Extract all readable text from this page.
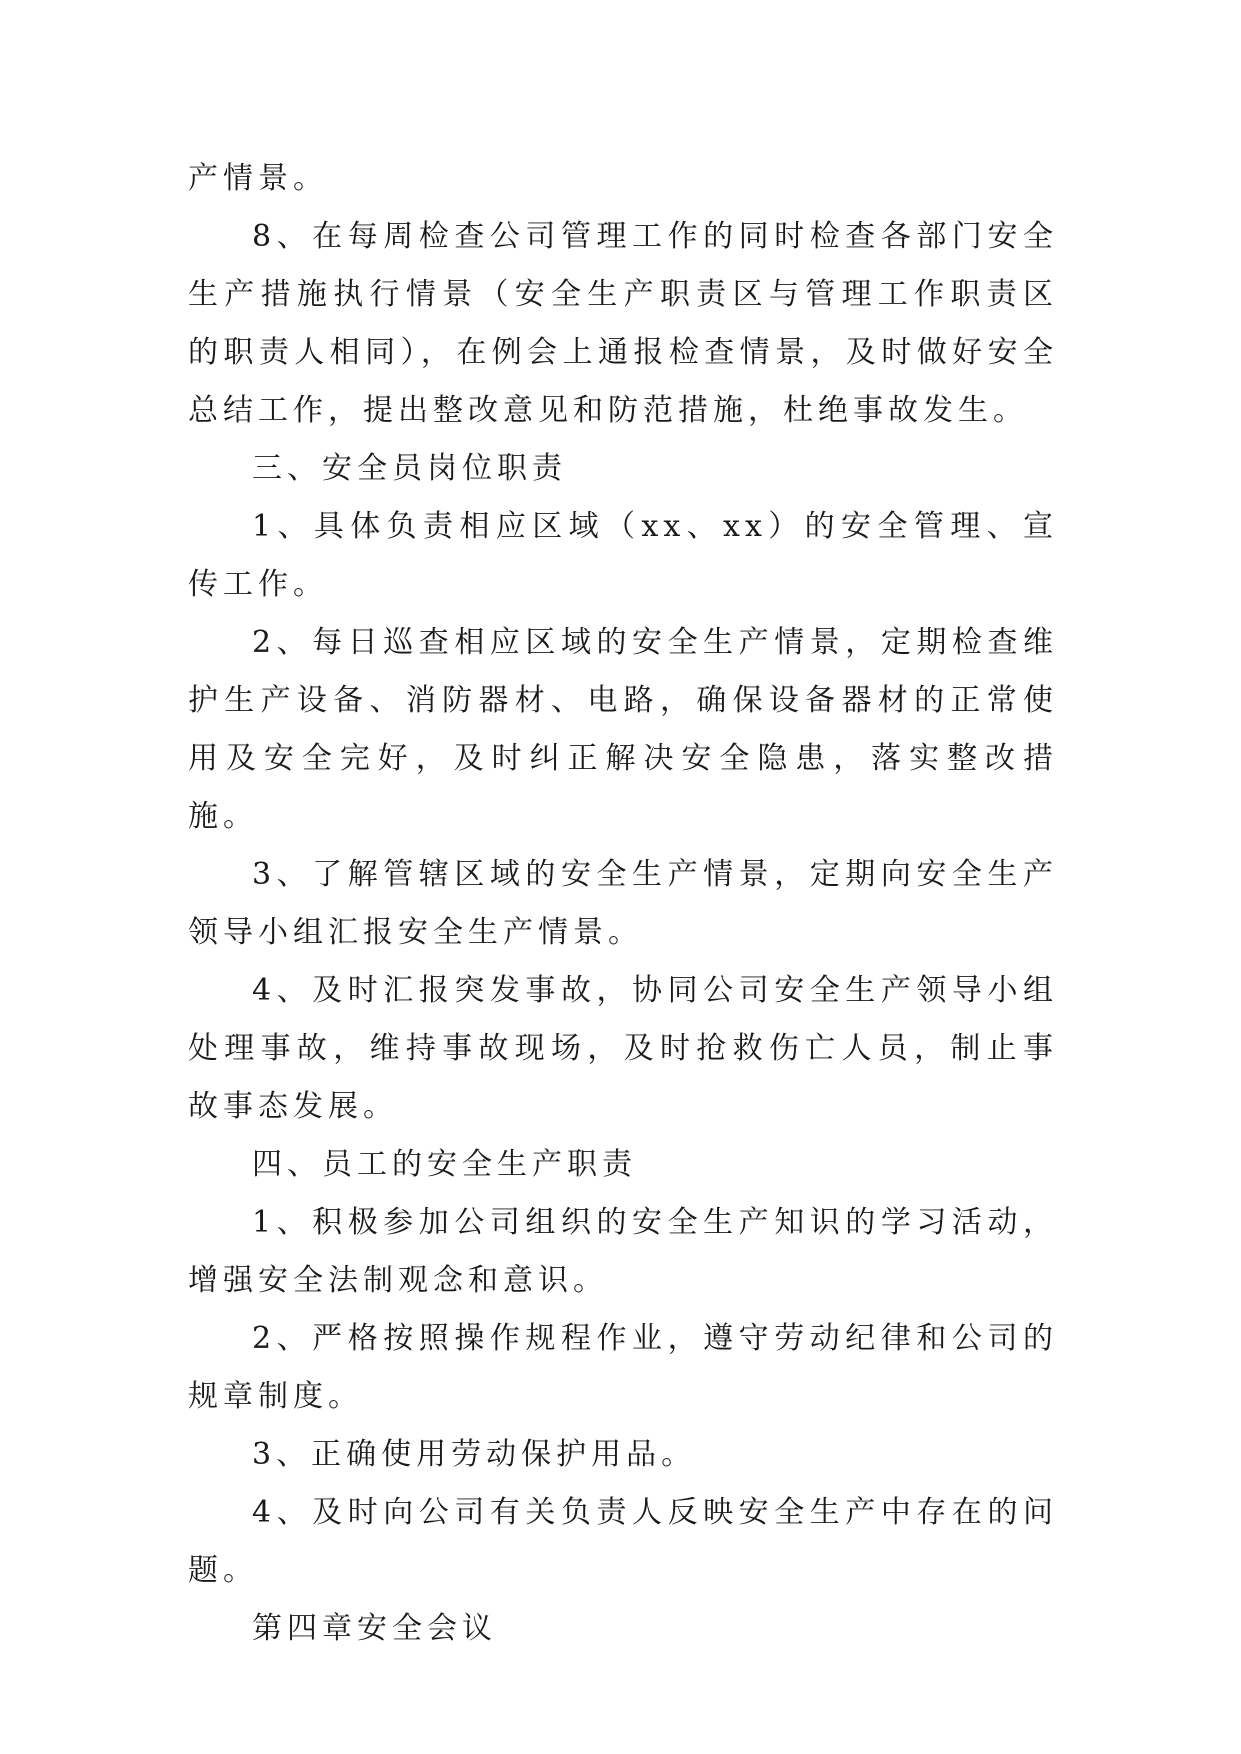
产情景。

8、在每周检查公司管理工作的同时检查各部门安全生产措施执行情景（安全生产职责区与管理工作职责区的职责人相同），在例会上通报检查情景，及时做好安全总结工作，提出整改意见和防范措施，杜绝事故发生。

三、安全员岗位职责

1、具体负责相应区域（xx、xx）的安全管理、宣传工作。

2、每日巡查相应区域的安全生产情景，定期检查维护生产设备、消防器材、电路，确保设备器材的正常使用及安全完好，及时纠正解决安全隐患，落实整改措施。

3、了解管辖区域的安全生产情景，定期向安全生产领导小组汇报安全生产情景。

4、及时汇报突发事故，协同公司安全生产领导小组处理事故，维持事故现场，及时抢救伤亡人员，制止事故事态发展。

四、员工的安全生产职责

1、积极参加公司组织的安全生产知识的学习活动，增强安全法制观念和意识。

2、严格按照操作规程作业，遵守劳动纪律和公司的规章制度。

3、正确使用劳动保护用品。

4、及时向公司有关负责人反映安全生产中存在的问题。

第四章安全会议
